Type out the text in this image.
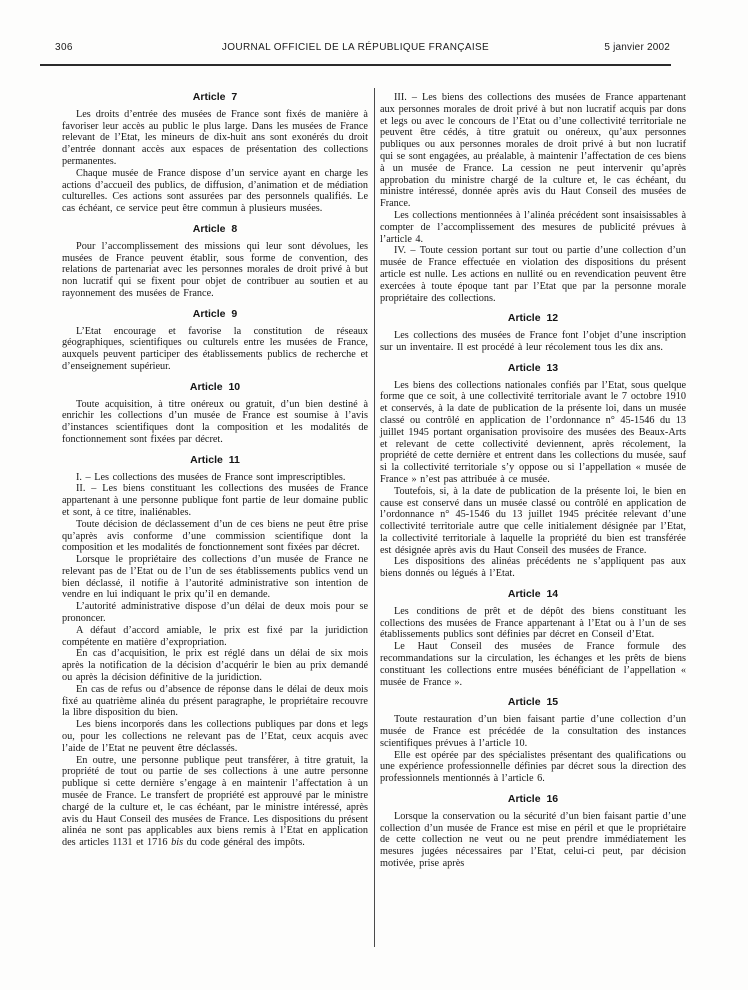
306	JOURNAL OFFICIEL DE LA RÉPUBLIQUE FRANÇAISE	5 janvier 2002
Article 7

Les droits d’entrée des musées de France sont fixés de manière à favoriser leur accès au public le plus large. Dans les musées de France relevant de l’Etat, les mineurs de dix-huit ans sont exonérés du droit d’entrée donnant accès aux espaces de présentation des collections permanentes.

Chaque musée de France dispose d’un service ayant en charge les actions d’accueil des publics, de diffusion, d’animation et de médiation culturelles. Ces actions sont assurées par des personnels qualifiés. Le cas échéant, ce service peut être commun à plusieurs musées.

Article 8

Pour l’accomplissement des missions qui leur sont dévolues, les musées de France peuvent établir, sous forme de convention, des relations de partenariat avec les personnes morales de droit privé à but non lucratif qui se fixent pour objet de contribuer au soutien et au rayonnement des musées de France.

Article 9

L’Etat encourage et favorise la constitution de réseaux géographiques, scientifiques ou culturels entre les musées de France, auxquels peuvent participer des établissements publics de recherche et d’enseignement supérieur.

Article 10

Toute acquisition, à titre onéreux ou gratuit, d’un bien destiné à enrichir les collections d’un musée de France est soumise à l’avis d’instances scientifiques dont la composition et les modalités de fonctionnement sont fixées par décret.

Article 11

I. – Les collections des musées de France sont imprescriptibles.

II. – Les biens constituant les collections des musées de France appartenant à une personne publique font partie de leur domaine public et sont, à ce titre, inaliénables.

Toute décision de déclassement d’un de ces biens ne peut être prise qu’après avis conforme d’une commission scientifique dont la composition et les modalités de fonctionnement sont fixées par décret.

Lorsque le propriétaire des collections d’un musée de France ne relevant pas de l’Etat ou de l’un de ses établissements publics vend un bien déclassé, il notifie à l’autorité administrative son intention de vendre en lui indiquant le prix qu’il en demande.

L’autorité administrative dispose d’un délai de deux mois pour se prononcer.

A défaut d’accord amiable, le prix est fixé par la juridiction compétente en matière d’expropriation.

En cas d’acquisition, le prix est réglé dans un délai de six mois après la notification de la décision d’acquérir le bien au prix demandé ou après la décision définitive de la juridiction.

En cas de refus ou d’absence de réponse dans le délai de deux mois fixé au quatrième alinéa du présent paragraphe, le propriétaire recouvre la libre disposition du bien.

Les biens incorporés dans les collections publiques par dons et legs ou, pour les collections ne relevant pas de l’Etat, ceux acquis avec l’aide de l’Etat ne peuvent être déclassés.

En outre, une personne publique peut transférer, à titre gratuit, la propriété de tout ou partie de ses collections à une autre personne publique si cette dernière s’engage à en maintenir l’affectation à un musée de France. Le transfert de propriété est approuvé par le ministre chargé de la culture et, le cas échéant, par le ministre intéressé, après avis du Haut Conseil des musées de France. Les dispositions du présent alinéa ne sont pas applicables aux biens remis à l’Etat en application des articles 1131 et 1716 bis du code général des impôts.

III. – Les biens des collections des musées de France appartenant aux personnes morales de droit privé à but non lucratif acquis par dons et legs ou avec le concours de l’Etat ou d’une collectivité territoriale ne peuvent être cédés, à titre gratuit ou onéreux, qu’aux personnes publiques ou aux personnes morales de droit privé à but non lucratif qui se sont engagées, au préalable, à maintenir l’affectation de ces biens à un musée de France. La cession ne peut intervenir qu’après approbation du ministre chargé de la culture et, le cas échéant, du ministre intéressé, donnée après avis du Haut Conseil des musées de France.

Les collections mentionnées à l’alinéa précédent sont insaisissables à compter de l’accomplissement des mesures de publicité prévues à l’article 4.

IV. – Toute cession portant sur tout ou partie d’une collection d’un musée de France effectuée en violation des dispositions du présent article est nulle. Les actions en nullité ou en revendication peuvent être exercées à toute époque tant par l’Etat que par la personne morale propriétaire des collections.

Article 12

Les collections des musées de France font l’objet d’une inscription sur un inventaire. Il est procédé à leur récolement tous les dix ans.

Article 13

Les biens des collections nationales confiés par l’Etat, sous quelque forme que ce soit, à une collectivité territoriale avant le 7 octobre 1910 et conservés, à la date de publication de la présente loi, dans un musée classé ou contrôlé en application de l’ordonnance n° 45-1546 du 13 juillet 1945 portant organisation provisoire des musées des Beaux-Arts et relevant de cette collectivité deviennent, après récolement, la propriété de cette dernière et entrent dans les collections du musée, sauf si la collectivité territoriale s’y oppose ou si l’appellation « musée de France » n’est pas attribuée à ce musée.

Toutefois, si, à la date de publication de la présente loi, le bien en cause est conservé dans un musée classé ou contrôlé en application de l’ordonnance n° 45-1546 du 13 juillet 1945 précitée relevant d’une collectivité territoriale autre que celle initialement désignée par l’Etat, la collectivité territoriale à laquelle la propriété du bien est transférée est désignée après avis du Haut Conseil des musées de France.

Les dispositions des alinéas précédents ne s’appliquent pas aux biens donnés ou légués à l’Etat.

Article 14

Les conditions de prêt et de dépôt des biens constituant les collections des musées de France appartenant à l’Etat ou à l’un de ses établissements publics sont définies par décret en Conseil d’Etat.

Le Haut Conseil des musées de France formule des recommandations sur la circulation, les échanges et les prêts de biens constituant les collections entre musées bénéficiant de l’appellation « musée de France ».

Article 15

Toute restauration d’un bien faisant partie d’une collection d’un musée de France est précédée de la consultation des instances scientifiques prévues à l’article 10.

Elle est opérée par des spécialistes présentant des qualifications ou une expérience professionnelle définies par décret sous la direction des professionnels mentionnés à l’article 6.

Article 16

Lorsque la conservation ou la sécurité d’un bien faisant partie d’une collection d’un musée de France est mise en péril et que le propriétaire de cette collection ne veut ou ne peut prendre immédiatement les mesures jugées nécessaires par l’Etat, celui-ci peut, par décision motivée, prise après
